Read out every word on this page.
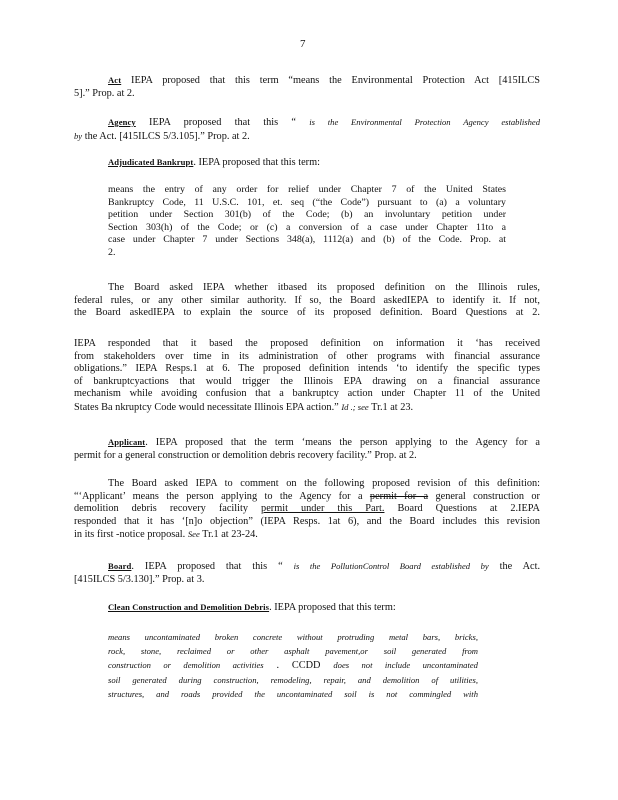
7

Act IEPA proposed that this term “means the Environmental Protection Act [415ILCS

5].” Prop. at 2.

Agency IEPA proposed that this “ is the Environmental Protection Agency established

by the Act. [415ILCS 5/3.105].” Prop. at 2.

Adjudicated Bankrupt. IEPA proposed that this term:

means the entry of any order for relief under Chapter 7 of the United States

Bankruptcy Code, 11 U.S.C. 101, et. seq (“the Code”) pursuant to (a) a voluntary

petition under Section 301(b) of the Code; (b) an involuntary petition under

Section 303(h) of the Code; or (c) a conversion of a case under Chapter 11to a

case under Chapter 7 under Sections 348(a), 1112(a) and (b) of the Code. Prop. at

2.

The Board asked IEPA whether itbased its proposed definition on the Illinois rules,

federal rules, or any other similar authority. If so, the Board askedIEPA to identify it. If not,

the Board askedIEPA to explain the source of its proposed definition. Board Questions at 2.

IEPA responded that it based the proposed definition on information it ‘has received

from stakeholders over time in its administration of other programs with financial assurance

obligations.” IEPA Resps.1 at 6. The proposed definition intends ‘to identify the specific types

of bankruptcyactions that would trigger the Illinois EPA drawing on a financial assurance

mechanism while avoiding confusion that a bankruptcy action under Chapter 11 of the United

States Ba nkruptcy Code would necessitate Illinois EPA action.” Id .; see Tr.1 at 23.

Applicant. IEPA proposed that the term ‘means the person applying to the Agency for a

permit for a general construction or demolition debris recovery facility.” Prop. at 2.

The Board asked IEPA to comment on the following proposed revision of this definition:

“‘Applicant’ means the person applying to the Agency for a permit for a general construction or

demolition debris recovery facility permit under this Part. Board Questions at 2.IEPA

responded that it has ‘[n]o objection” (IEPA Resps. 1at 6), and the Board includes this revision

in its first -notice proposal. See Tr.1 at 23-24.

Board. IEPA proposed that this “ is the PollutionControl Board established by the Act.

[415ILCS 5/3.130].” Prop. at 3.

Clean Construction and Demolition Debris. IEPA proposed that this term:

means uncontaminated broken concrete without protruding metal bars, bricks,

rock, stone, reclaimed or other asphalt pavement,or soil generated from

construction or demolition activities . CCDD does not include uncontaminated

soil generated during construction, remodeling, repair, and demolition of utilities,

structures, and roads provided the uncontaminated soil is not commingled with
